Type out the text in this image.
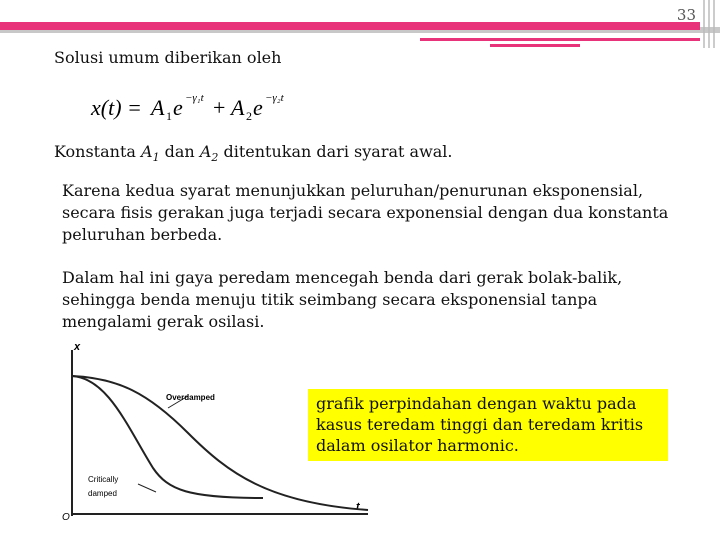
33
Solusi umum diberikan oleh
x(t) = A 1 e −γ₁t + A 2 e −γ₂t
Konstanta $A_1$ dan $A_2$ ditentukan dari syarat awal.
Karena kedua syarat menunjukkan peluruhan/penurunan eksponensial, secara fisis gerakan juga terjadi secara exponensial dengan dua konstanta peluruhan berbeda.
Dalam hal ini gaya peredam mencegah benda dari gerak bolak-balik, sehingga benda menuju titik seimbang secara eksponensial tanpa mengalami gerak osilasi.
x
t
O
Overdamped
Critically
damped
grafik perpindahan dengan waktu pada kasus teredam tinggi dan teredam kritis dalam osilator harmonic.
